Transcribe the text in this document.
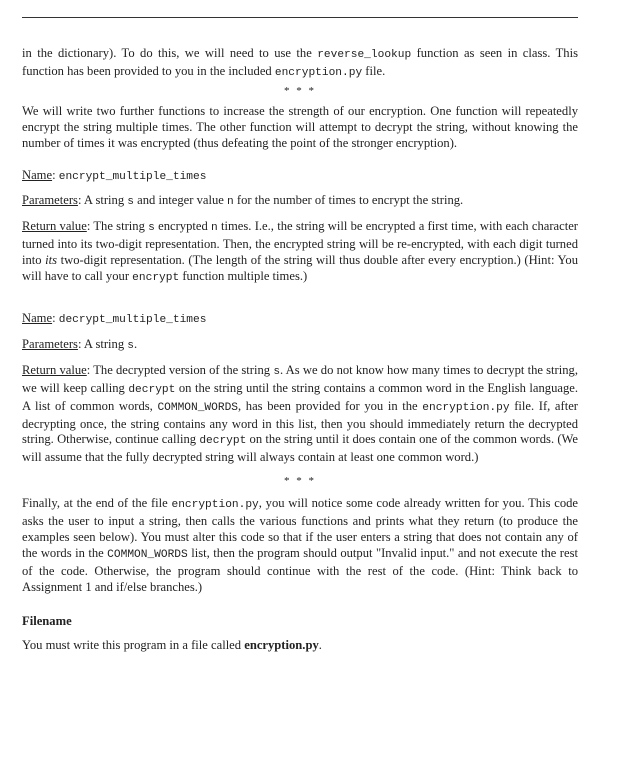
in the dictionary). To do this, we will need to use the reverse_lookup function as seen in class. This function has been provided to you in the included encryption.py file.

* * *

We will write two further functions to increase the strength of our encryption. One function will repeatedly encrypt the string multiple times. The other function will attempt to decrypt the string, without knowing the number of times it was encrypted (thus defeating the point of the stronger encryption).

Name: encrypt_multiple_times

Parameters: A string s and integer value n for the number of times to encrypt the string.

Return value: The string s encrypted n times. I.e., the string will be encrypted a first time, with each character turned into its two-digit representation. Then, the encrypted string will be re-encrypted, with each digit turned into its two-digit representation. (The length of the string will thus double after every encryption.) (Hint: You will have to call your encrypt function multiple times.)

Name: decrypt_multiple_times

Parameters: A string s.

Return value: The decrypted version of the string s. As we do not know how many times to decrypt the string, we will keep calling decrypt on the string until the string contains a common word in the English language. A list of common words, COMMON_WORDS, has been provided for you in the encryption.py file. If, after decrypting once, the string contains any word in this list, then you should immediately return the decrypted string. Otherwise, continue calling decrypt on the string until it does contain one of the common words. (We will assume that the fully decrypted string will always contain at least one common word.)

* * *

Finally, at the end of the file encryption.py, you will notice some code already written for you. This code asks the user to input a string, then calls the various functions and prints what they return (to produce the examples seen below). You must alter this code so that if the user enters a string that does not contain any of the words in the COMMON_WORDS list, then the program should output "Invalid input." and not execute the rest of the code. Otherwise, the program should continue with the rest of the code. (Hint: Think back to Assignment 1 and if/else branches.)

Filename

You must write this program in a file called encryption.py.
